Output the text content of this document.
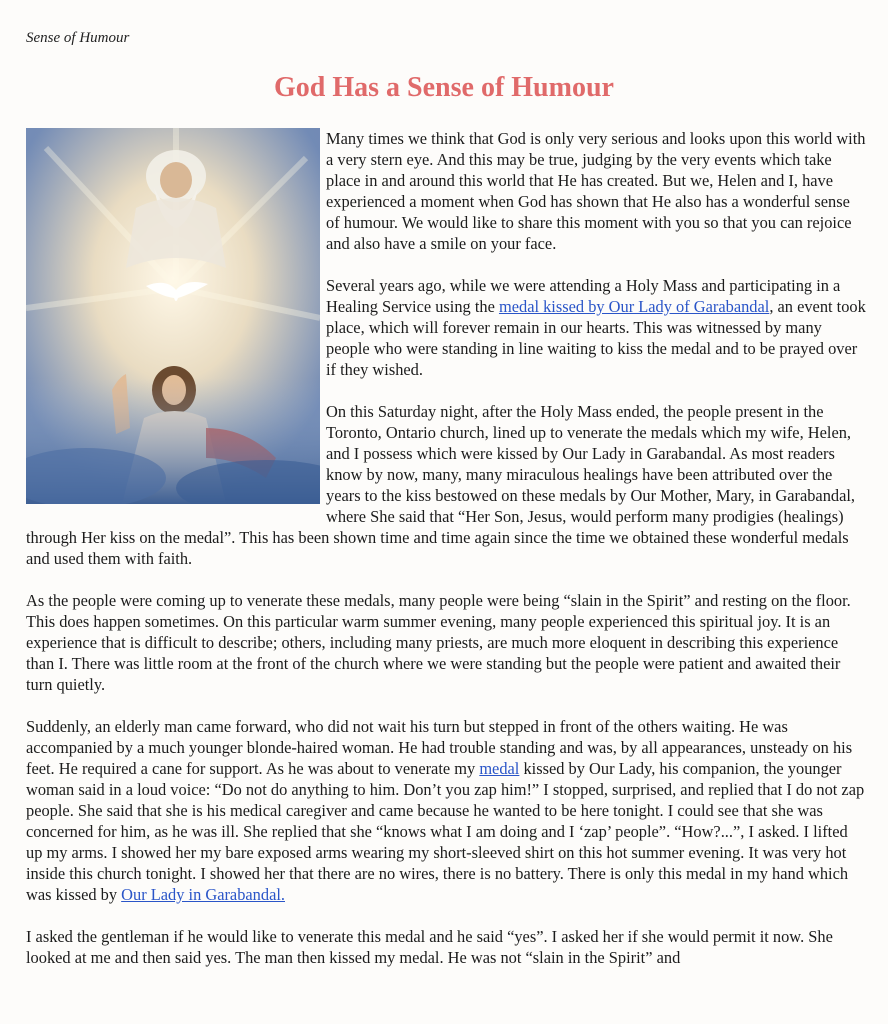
Sense of Humour
God Has a Sense of Humour

Many times we think that God is only very serious and looks upon this world with a very stern eye. And this may be true, judging by the very events which take place in and around this world that He has created. But we, Helen and I, have experienced a moment when God has shown that He also has a wonderful sense of humour. We would like to share this moment with you so that you can rejoice and also have a smile on your face.

Several years ago, while we were attending a Holy Mass and participating in a Healing Service using the medal kissed by Our Lady of Garabandal, an event took place, which will forever remain in our hearts. This was witnessed by many people who were standing in line waiting to kiss the medal and to be prayed over if they wished.

On this Saturday night, after the Holy Mass ended, the people present in the Toronto, Ontario church, lined up to venerate the medals which my wife, Helen, and I possess which were kissed by Our Lady in Garabandal. As most readers know by now, many, many miraculous healings have been attributed over the years to the kiss bestowed on these medals by Our Mother, Mary, in Garabandal, where She said that “Her Son, Jesus, would perform many prodigies (healings) through Her kiss on the medal”. This has been shown time and time again since the time we obtained these wonderful medals and used them with faith.

As the people were coming up to venerate these medals, many people were being “slain in the Spirit” and resting on the floor. This does happen sometimes. On this particular warm summer evening, many people experienced this spiritual joy. It is an experience that is difficult to describe; others, including many priests, are much more eloquent in describing this experience than I. There was little room at the front of the church where we were standing but the people were patient and awaited their turn quietly.

Suddenly, an elderly man came forward, who did not wait his turn but stepped in front of the others waiting. He was accompanied by a much younger blonde-haired woman. He had trouble standing and was, by all appearances, unsteady on his feet. He required a cane for support. As he was about to venerate my medal kissed by Our Lady, his companion, the younger woman said in a loud voice: “Do not do anything to him. Don’t you zap him!” I stopped, surprised, and replied that I do not zap people. She said that she is his medical caregiver and came because he wanted to be here tonight. I could see that she was concerned for him, as he was ill. She replied that she “knows what I am doing and I ‘zap’ people”. “How?...”, I asked. I lifted up my arms. I showed her my bare exposed arms wearing my short-sleeved shirt on this hot summer evening. It was very hot inside this church tonight. I showed her that there are no wires, there is no battery. There is only this medal in my hand which was kissed by Our Lady in Garabandal.

I asked the gentleman if he would like to venerate this medal and he said “yes”. I asked her if she would permit it now. She looked at me and then said yes. The man then kissed my medal. He was not “slain in the Spirit” and
